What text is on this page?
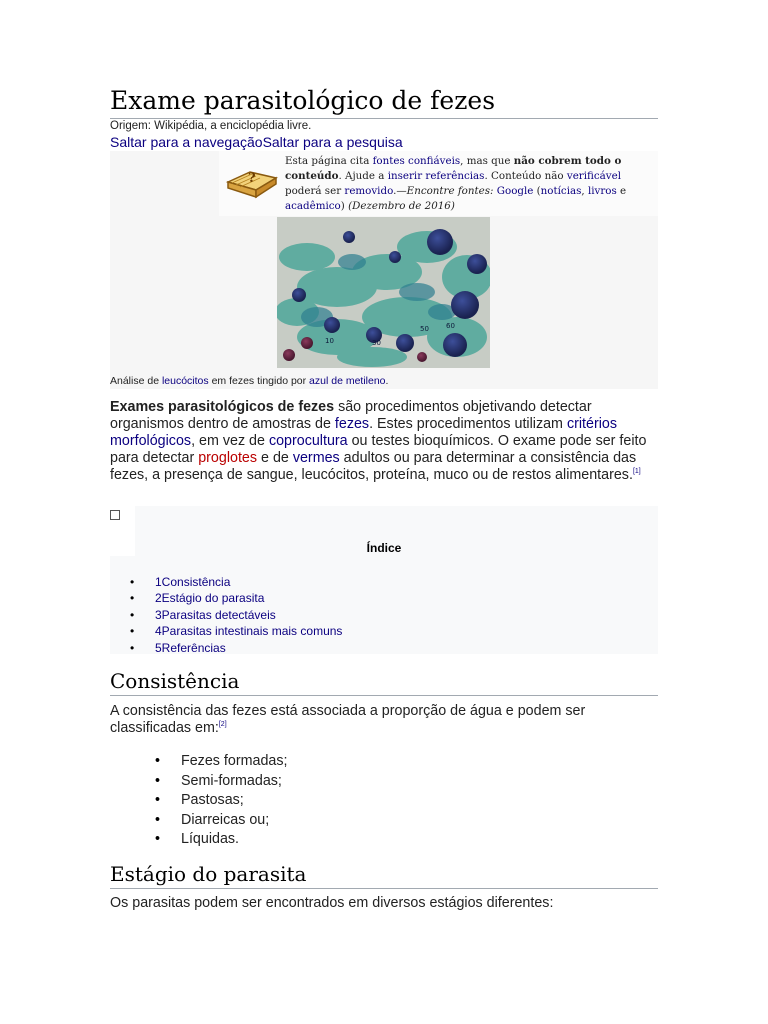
Exame parasitológico de fezes
Origem: Wikipédia, a enciclopédia livre.
Saltar para a navegaçãoSaltar para a pesquisa
?
Esta página cita fontes confiáveis, mas que não cobrem todo o conteúdo. Ajude a inserir referências. Conteúdo não verificável poderá ser removido.—Encontre fontes: Google (notícias, livros e acadêmico) (Dezembro de 2016)
50 60
30
10
Análise de leucócitos em fezes tingido por azul de metileno.
Exames parasitológicos de fezes são procedimentos objetivando detectar organismos dentro de amostras de fezes. Estes procedimentos utilizam critérios morfológicos, em vez de coprocultura ou testes bioquímicos. O exame pode ser feito para detectar proglotes e de vermes adultos ou para determinar a consistência das fezes, a presença de sangue, leucócitos, proteína, muco ou de restos alimentares.[1]
Índice
• 1Consistência
• 2Estágio do parasita
• 3Parasitas detectáveis
• 4Parasitas intestinais mais comuns
• 5Referências
Consistência
A consistência das fezes está associada a proporção de água e podem ser classificadas em:[2]
• Fezes formadas;
• Semi-formadas;
• Pastosas;
• Diarreicas ou;
• Líquidas.
Estágio do parasita
Os parasitas podem ser encontrados em diversos estágios diferentes:
